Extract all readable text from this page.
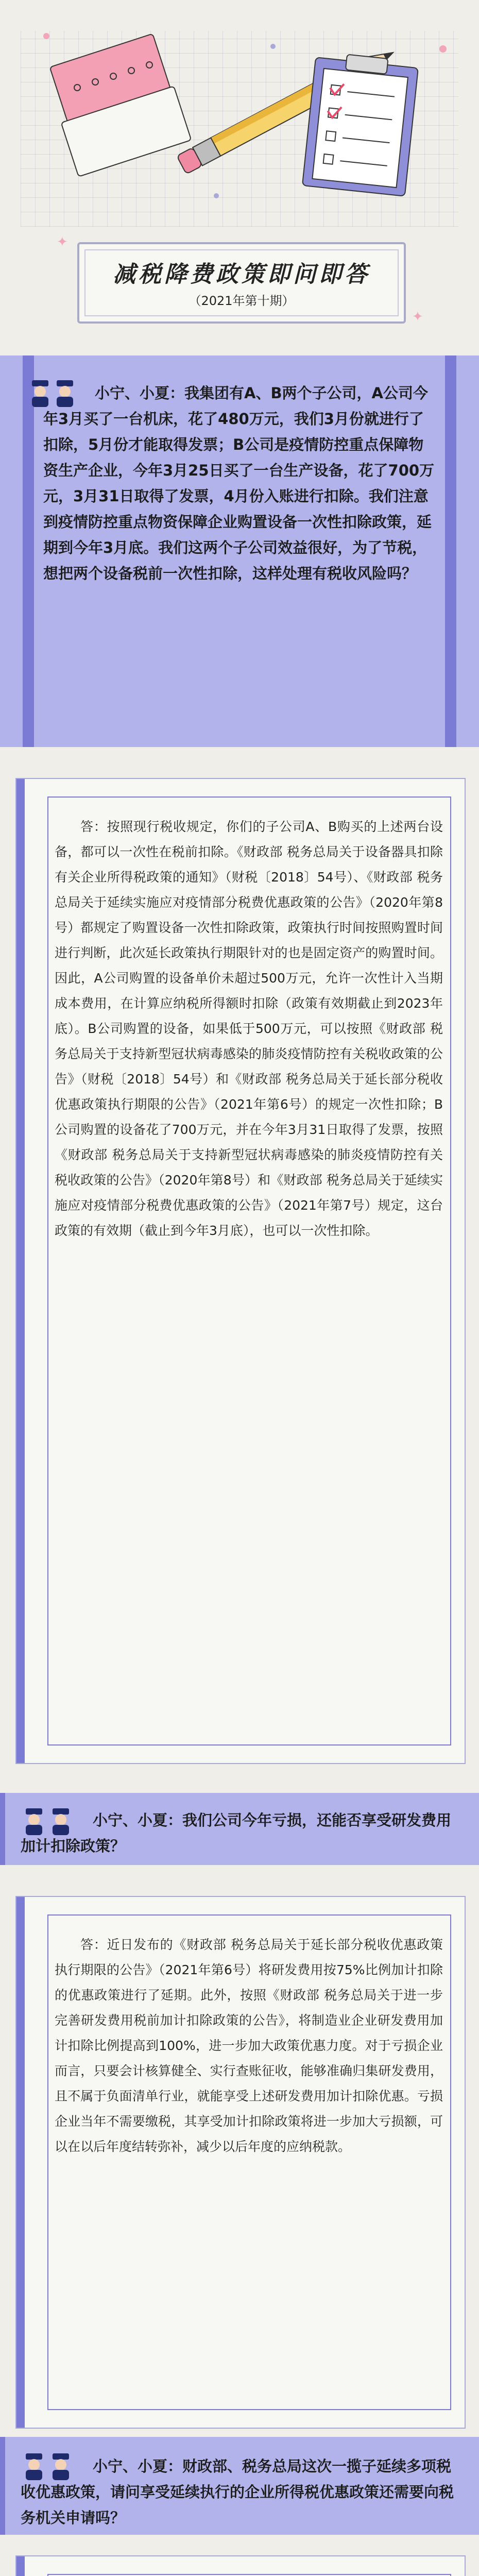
减税降费政策即问即答
（2021年第十期）
✦
✦

小宁、小夏：我集团有A、B两个子公司，A公司今年3月买了一台机床，花了480万元，我们3月份就进行了扣除，5月份才能取得发票；B公司是疫情防控重点保障物资生产企业，今年3月25日买了一台生产设备，花了700万元，3月31日取得了发票，4月份入账进行扣除。我们注意到疫情防控重点物资保障企业购置设备一次性扣除政策，延期到今年3月底。我们这两个子公司效益很好，为了节税，想把两个设备税前一次性扣除，这样处理有税收风险吗？

答：按照现行税收规定，你们的子公司A、B购买的上述两台设备，都可以一次性在税前扣除。《财政部 税务总局关于设备器具扣除有关企业所得税政策的通知》（财税〔2018〕54号）、《财政部 税务总局关于延续实施应对疫情部分税费优惠政策的公告》（2020年第8号）都规定了购置设备一次性扣除政策，政策执行时间按照购置时间进行判断，此次延长政策执行期限针对的也是固定资产的购置时间。因此，A公司购置的设备单价未超过500万元，允许一次性计入当期成本费用，在计算应纳税所得额时扣除（政策有效期截止到2023年底）。B公司购置的设备，如果低于500万元，可以按照《财政部 税务总局关于支持新型冠状病毒感染的肺炎疫情防控有关税收政策的公告》（财税〔2018〕54号）和《财政部 税务总局关于延长部分税收优惠政策执行期限的公告》（2021年第6号）的规定一次性扣除；B公司购置的设备花了700万元，并在今年3月31日取得了发票，按照《财政部 税务总局关于支持新型冠状病毒感染的肺炎疫情防控有关税收政策的公告》（2020年第8号）和《财政部 税务总局关于延续实施应对疫情部分税费优惠政策的公告》（2021年第7号）规定，这台政策的有效期（截止到今年3月底），也可以一次性扣除。

小宁、小夏：我们公司今年亏损，还能否享受研发费用加计扣除政策？

答：近日发布的《财政部 税务总局关于延长部分税收优惠政策执行期限的公告》（2021年第6号）将研发费用按75%比例加计扣除的优惠政策进行了延期。此外，按照《财政部 税务总局关于进一步完善研发费用税前加计扣除政策的公告》，将制造业企业研发费用加计扣除比例提高到100%，进一步加大政策优惠力度。对于亏损企业而言，只要会计核算健全、实行查账征收，能够准确归集研发费用，且不属于负面清单行业，就能享受上述研发费用加计扣除优惠。亏损企业当年不需要缴税，其享受加计扣除政策将进一步加大亏损额，可以在以后年度结转弥补，减少以后年度的应纳税款。

小宁、小夏：财政部、税务总局这次一揽子延续多项税收优惠政策，请问享受延续执行的企业所得税优惠政策还需要向税务机关申请吗？
